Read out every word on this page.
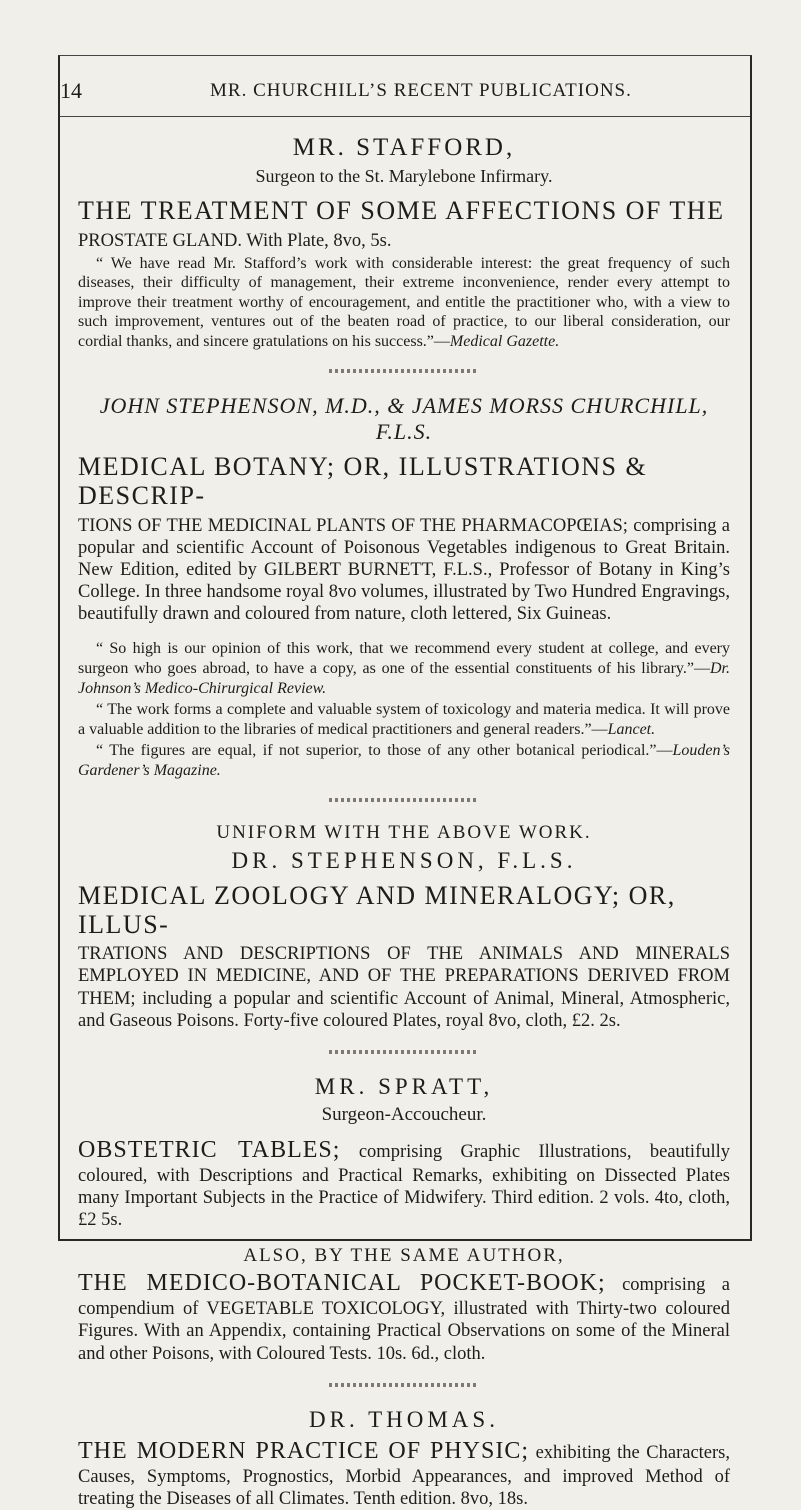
14	MR. CHURCHILL’S RECENT PUBLICATIONS.
MR. STAFFORD,
Surgeon to the St. Marylebone Infirmary.
THE TREATMENT OF SOME AFFECTIONS OF THE

PROSTATE GLAND. With Plate, 8vo, 5s.

“ We have read Mr. Stafford’s work with considerable interest: the great frequency of such diseases, their difficulty of management, their extreme inconvenience, render every attempt to improve their treatment worthy of encouragement, and entitle the practitioner who, with a view to such improvement, ventures out of the beaten road of practice, to our liberal consideration, our cordial thanks, and sincere gratulations on his success.”—Medical Gazette.

JOHN STEPHENSON, M.D., & JAMES MORSS CHURCHILL, F.L.S.
MEDICAL BOTANY; OR, ILLUSTRATIONS & DESCRIP-

TIONS OF THE MEDICINAL PLANTS OF THE PHARMACOPŒIAS; comprising a popular and scientific Account of Poisonous Vegetables indigenous to Great Britain. New Edition, edited by GILBERT BURNETT, F.L.S., Professor of Botany in King’s College. In three handsome royal 8vo volumes, illustrated by Two Hundred Engravings, beautifully drawn and coloured from nature, cloth lettered, Six Guineas.

“ So high is our opinion of this work, that we recommend every student at college, and every surgeon who goes abroad, to have a copy, as one of the essential constituents of his library.”—Dr. Johnson’s Medico-Chirurgical Review.

“ The work forms a complete and valuable system of toxicology and materia medica. It will prove a valuable addition to the libraries of medical practitioners and general readers.”—Lancet.

“ The figures are equal, if not superior, to those of any other botanical periodical.”—Louden’s Gardener’s Magazine.

UNIFORM WITH THE ABOVE WORK.
DR. STEPHENSON, F.L.S.
MEDICAL ZOOLOGY AND MINERALOGY; OR, ILLUS-

TRATIONS AND DESCRIPTIONS OF THE ANIMALS AND MINERALS EMPLOYED IN MEDICINE, AND OF THE PREPARATIONS DERIVED FROM THEM; including a popular and scientific Account of Animal, Mineral, Atmospheric, and Gaseous Poisons. Forty-five coloured Plates, royal 8vo, cloth, £2. 2s.

MR. SPRATT,
Surgeon-Accoucheur.

OBSTETRIC TABLES; comprising Graphic Illustrations, beautifully coloured, with Descriptions and Practical Remarks, exhibiting on Dissected Plates many Important Subjects in the Practice of Midwifery. Third edition. 2 vols. 4to, cloth, £2 5s.

ALSO, BY THE SAME AUTHOR,

THE MEDICO-BOTANICAL POCKET-BOOK; comprising a compendium of VEGETABLE TOXICOLOGY, illustrated with Thirty-two coloured Figures. With an Appendix, containing Practical Observations on some of the Mineral and other Poisons, with Coloured Tests. 10s. 6d., cloth.

DR. THOMAS.

THE MODERN PRACTICE OF PHYSIC; exhibiting the Characters, Causes, Symptoms, Prognostics, Morbid Appearances, and improved Method of treating the Diseases of all Climates. Tenth edition. 8vo, 18s.
